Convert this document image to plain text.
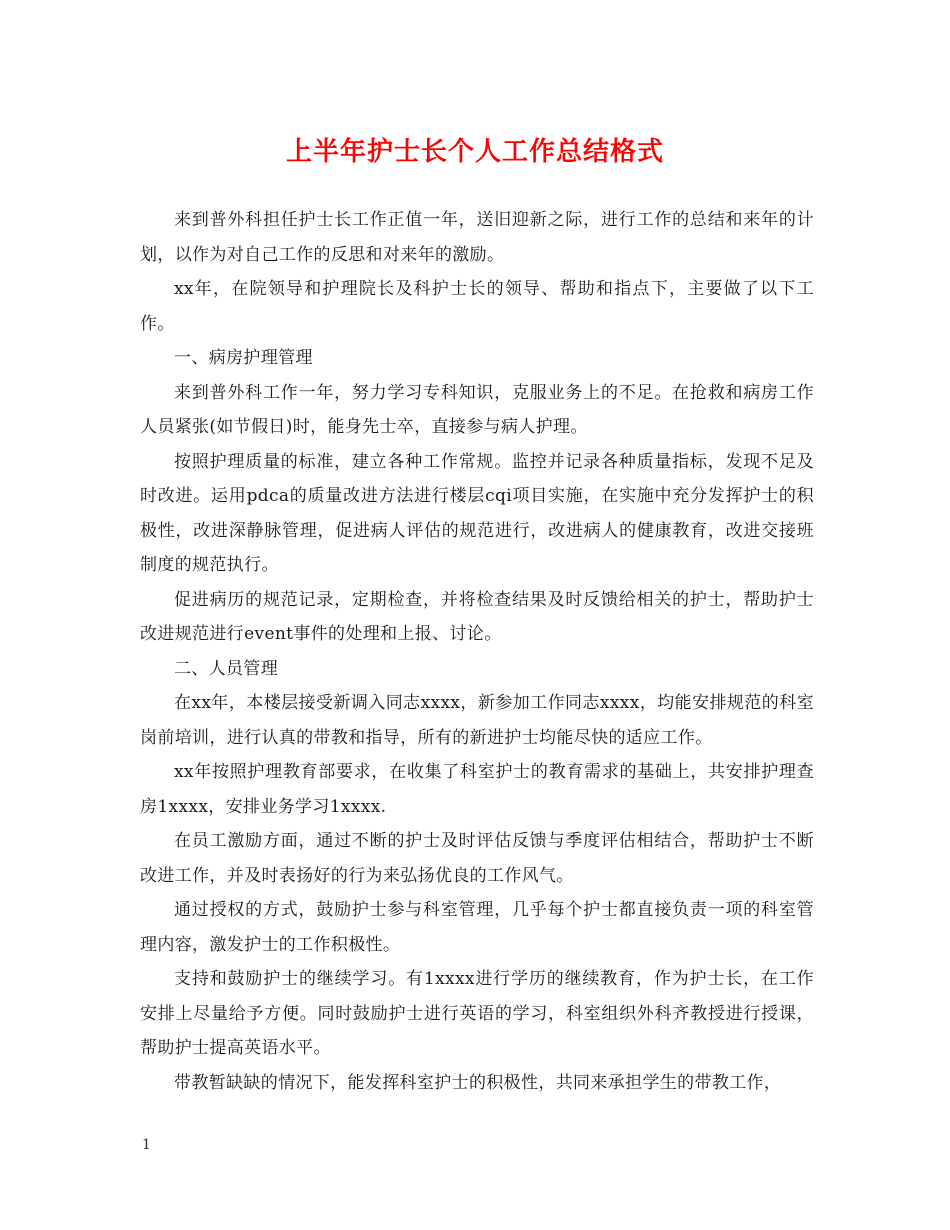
上半年护士长个人工作总结格式

来到普外科担任护士长工作正值一年，送旧迎新之际，进行工作的总结和来年的计划，以作为对自己工作的反思和对来年的激励。

xx年，在院领导和护理院长及科护士长的领导、帮助和指点下，主要做了以下工作。

一、病房护理管理

来到普外科工作一年，努力学习专科知识，克服业务上的不足。在抢救和病房工作人员紧张(如节假日)时，能身先士卒，直接参与病人护理。

按照护理质量的标准，建立各种工作常规。监控并记录各种质量指标，发现不足及时改进。运用pdca的质量改进方法进行楼层cqi项目实施，在实施中充分发挥护士的积极性，改进深静脉管理，促进病人评估的规范进行，改进病人的健康教育，改进交接班制度的规范执行。

促进病历的规范记录，定期检查，并将检查结果及时反馈给相关的护士，帮助护士改进规范进行event事件的处理和上报、讨论。

二、人员管理

在xx年，本楼层接受新调入同志xxxx，新参加工作同志xxxx，均能安排规范的科室岗前培训，进行认真的带教和指导，所有的新进护士均能尽快的适应工作。

xx年按照护理教育部要求，在收集了科室护士的教育需求的基础上，共安排护理查房1xxxx，安排业务学习1xxxx.

在员工激励方面，通过不断的护士及时评估反馈与季度评估相结合，帮助护士不断改进工作，并及时表扬好的行为来弘扬优良的工作风气。

通过授权的方式，鼓励护士参与科室管理，几乎每个护士都直接负责一项的科室管理内容，激发护士的工作积极性。

支持和鼓励护士的继续学习。有1xxxx进行学历的继续教育，作为护士长，在工作安排上尽量给予方便。同时鼓励护士进行英语的学习，科室组织外科齐教授进行授课，帮助护士提高英语水平。

带教暂缺缺的情况下，能发挥科室护士的积极性，共同来承担学生的带教工作，

1
